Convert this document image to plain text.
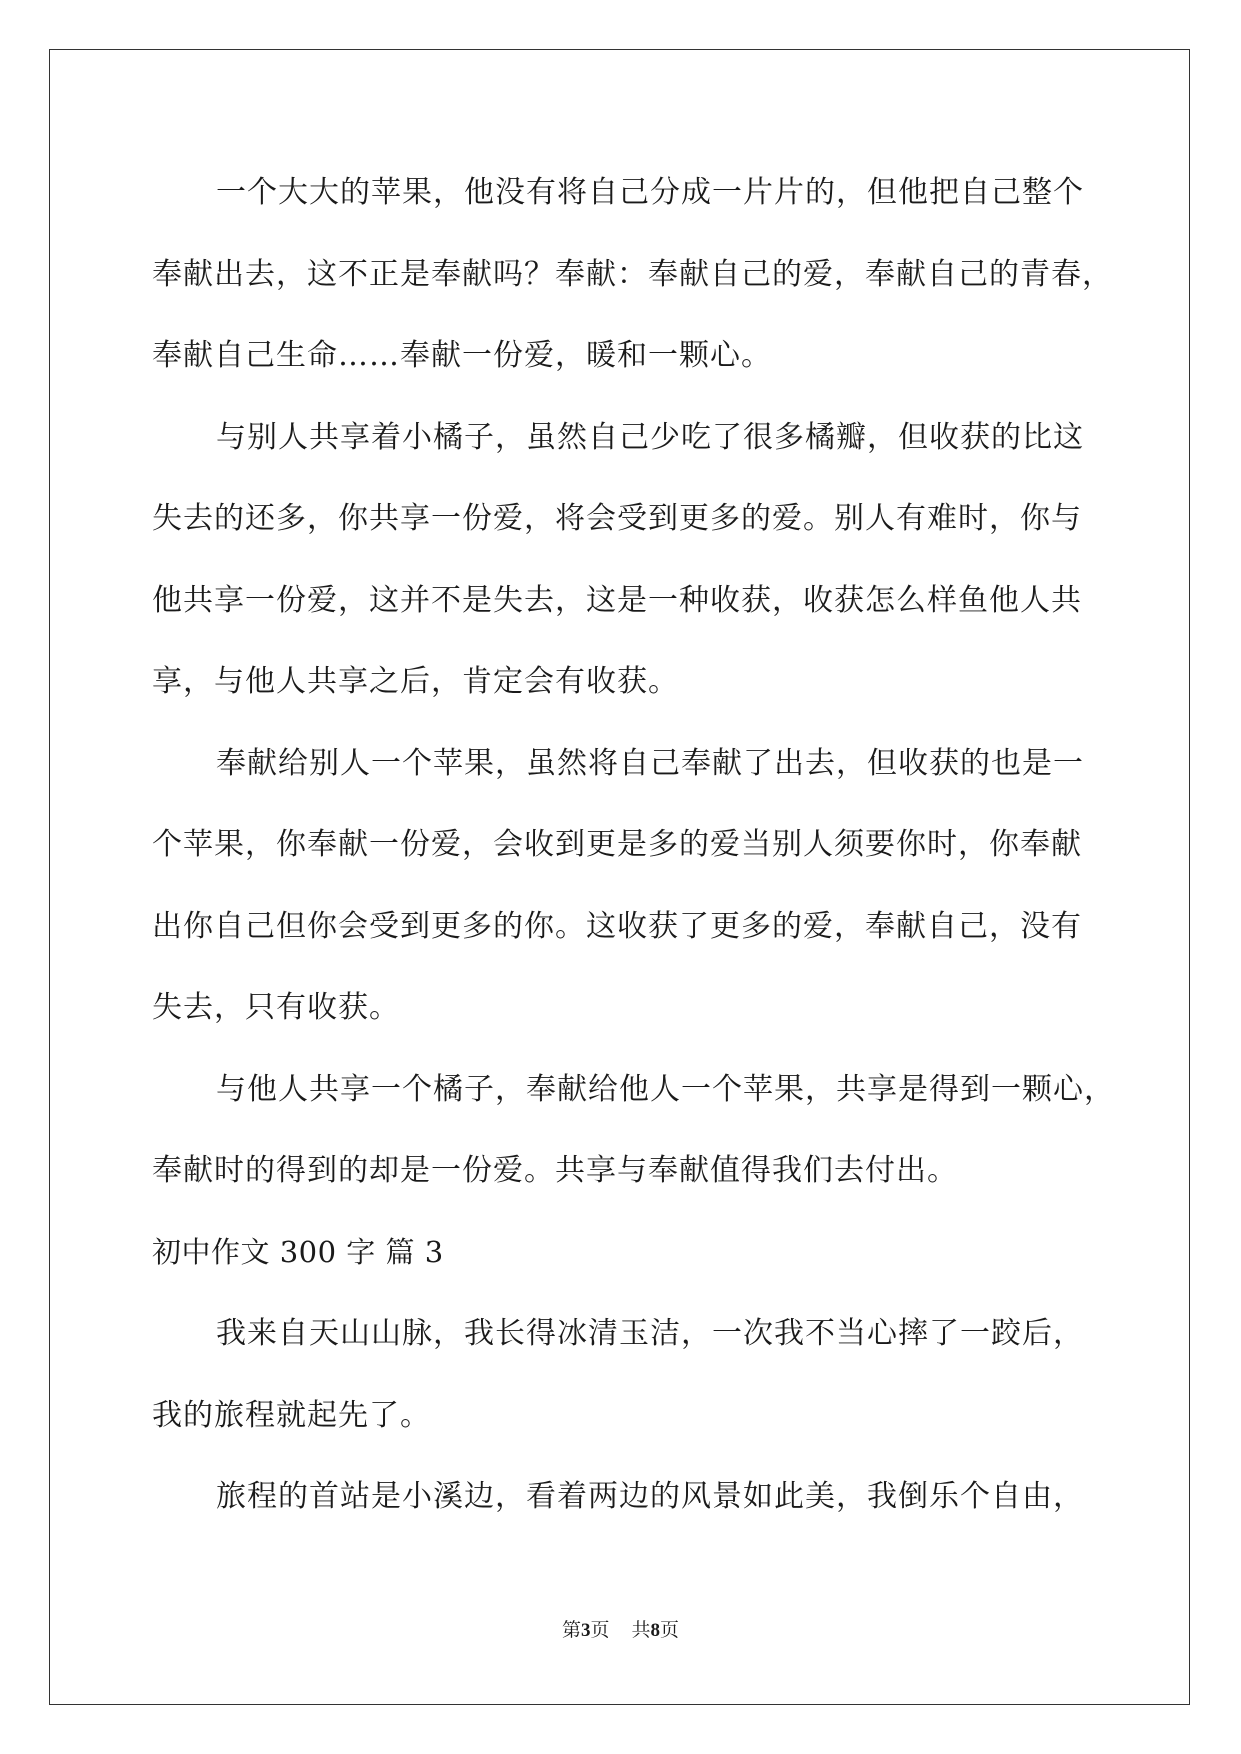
一个大大的苹果，他没有将自己分成一片片的，但他把自己整个
奉献出去，这不正是奉献吗？奉献：奉献自己的爱，奉献自己的青春，
奉献自己生命……奉献一份爱，暖和一颗心。
与别人共享着小橘子，虽然自己少吃了很多橘瓣，但收获的比这
失去的还多，你共享一份爱，将会受到更多的爱。别人有难时，你与
他共享一份爱，这并不是失去，这是一种收获，收获怎么样鱼他人共
享，与他人共享之后，肯定会有收获。
奉献给别人一个苹果，虽然将自己奉献了出去，但收获的也是一
个苹果，你奉献一份爱，会收到更是多的爱当别人须要你时，你奉献
出你自己但你会受到更多的你。这收获了更多的爱，奉献自己，没有
失去，只有收获。
与他人共享一个橘子，奉献给他人一个苹果，共享是得到一颗心，
奉献时的得到的却是一份爱。共享与奉献值得我们去付出。
初中作文 300 字 篇 3
我来自天山山脉，我长得冰清玉洁，一次我不当心摔了一跤后，
我的旅程就起先了。
旅程的首站是小溪边，看着两边的风景如此美，我倒乐个自由，
第3页 共8页
